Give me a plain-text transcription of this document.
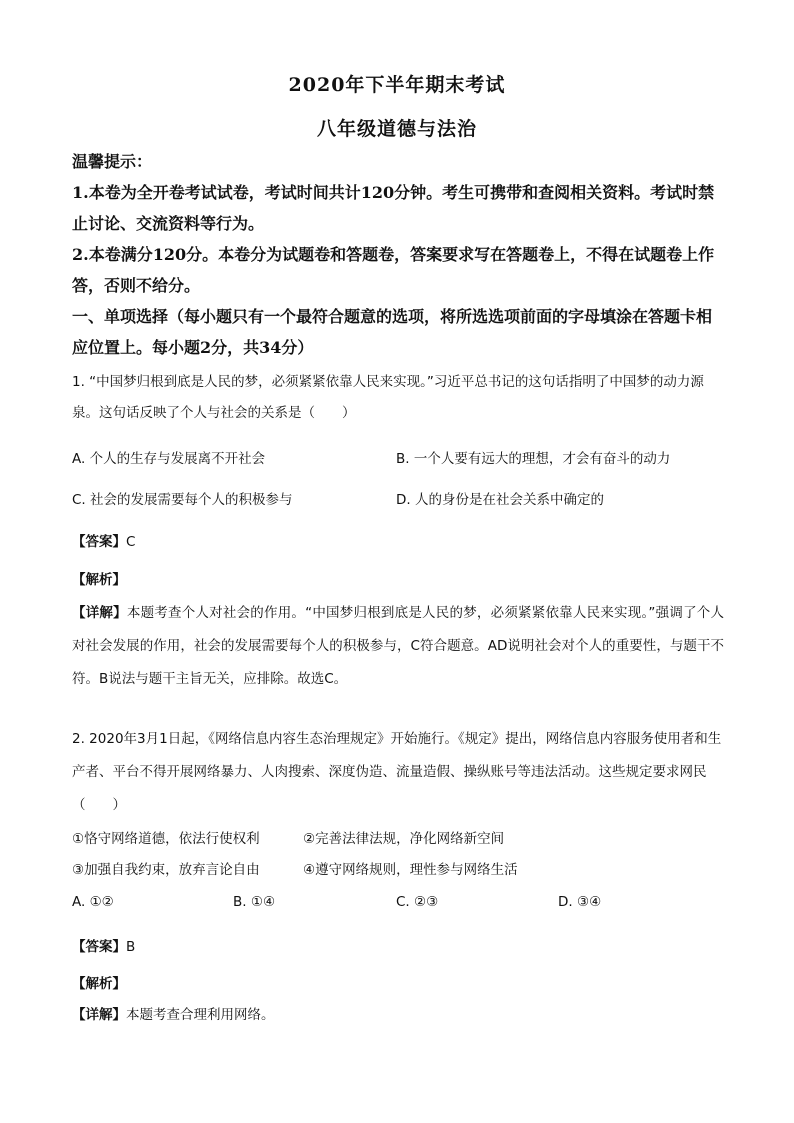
2020年下半年期末考试
八年级道德与法治
温馨提示：
1.本卷为全开卷考试试卷，考试时间共计120分钟。考生可携带和查阅相关资料。考试时禁止讨论、交流资料等行为。
2.本卷满分120分。本卷分为试题卷和答题卷，答案要求写在答题卷上，不得在试题卷上作答，否则不给分。
一、单项选择（每小题只有一个最符合题意的选项，将所选选项前面的字母填涂在答题卡相应位置上。每小题2分，共34分）
1. “中国梦归根到底是人民的梦，必须紧紧依靠人民来实现。”习近平总书记的这句话指明了中国梦的动力源泉。这句话反映了个人与社会的关系是（　　）
A. 个人的生存与发展离不开社会	B. 一个人要有远大的理想，才会有奋斗的动力
C. 社会的发展需要每个人的积极参与	D. 人的身份是在社会关系中确定的
【答案】C
【解析】
【详解】本题考查个人对社会的作用。“中国梦归根到底是人民的梦，必须紧紧依靠人民来实现。”强调了个人对社会发展的作用，社会的发展需要每个人的积极参与，C符合题意。AD说明社会对个人的重要性，与题干不符。B说法与题干主旨无关，应排除。故选C。
2. 2020年3月1日起，《网络信息内容生态治理规定》开始施行。《规定》提出，网络信息内容服务使用者和生产者、平台不得开展网络暴力、人肉搜索、深度伪造、流量造假、操纵账号等违法活动。这些规定要求网民（　　）
①恪守网络道德，依法行使权利	②完善法律法规，净化网络新空间
③加强自我约束，放弃言论自由	④遵守网络规则，理性参与网络生活
A. ①②	B. ①④	C. ②③	D. ③④
【答案】B
【解析】
【详解】本题考查合理利用网络。
